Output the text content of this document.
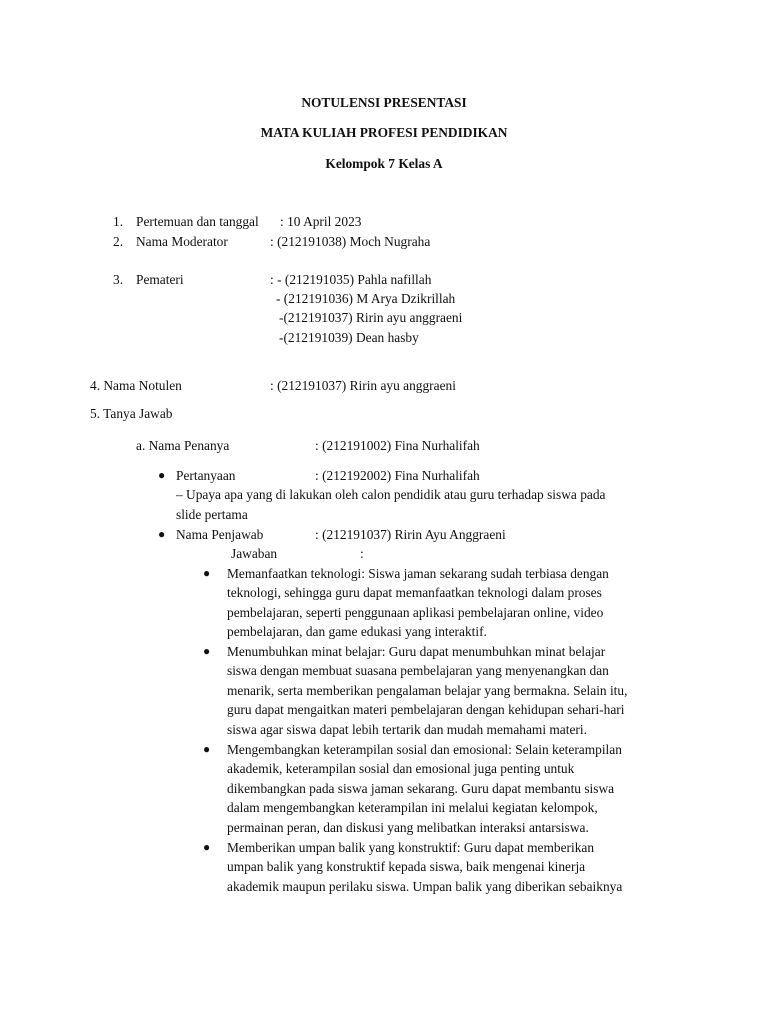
NOTULENSI PRESENTASI
MATA KULIAH PROFESI PENDIDIKAN
Kelompok 7 Kelas A
1. Pertemuan dan tanggal : 10 April 2023
2. Nama Moderator	: (212191038) Moch Nugraha
3. Pemateri	: - (212191035) Pahla nafillah
- (212191036) M Arya Dzikrillah
-(212191037) Ririn ayu anggraeni
-(212191039) Dean hasby
4. Nama Notulen	: (212191037) Ririn ayu anggraeni
5. Tanya Jawab
a. Nama Penanya	: (212191002) Fina Nurhalifah
● Pertanyaan	: (212192002) Fina Nurhalifah
– Upaya apa yang di lakukan oleh calon pendidik atau guru terhadap siswa pada
slide pertama
● Nama Penjawab	: (212191037) Ririn Ayu Anggraeni
Jawaban	:
● Memanfaatkan teknologi: Siswa jaman sekarang sudah terbiasa dengan
teknologi, sehingga guru dapat memanfaatkan teknologi dalam proses
pembelajaran, seperti penggunaan aplikasi pembelajaran online, video
pembelajaran, dan game edukasi yang interaktif.
● Menumbuhkan minat belajar: Guru dapat menumbuhkan minat belajar
siswa dengan membuat suasana pembelajaran yang menyenangkan dan
menarik, serta memberikan pengalaman belajar yang bermakna. Selain itu,
guru dapat mengaitkan materi pembelajaran dengan kehidupan sehari-hari
siswa agar siswa dapat lebih tertarik dan mudah memahami materi.
● Mengembangkan keterampilan sosial dan emosional: Selain keterampilan
akademik, keterampilan sosial dan emosional juga penting untuk
dikembangkan pada siswa jaman sekarang. Guru dapat membantu siswa
dalam mengembangkan keterampilan ini melalui kegiatan kelompok,
permainan peran, dan diskusi yang melibatkan interaksi antarsiswa.
● Memberikan umpan balik yang konstruktif: Guru dapat memberikan
umpan balik yang konstruktif kepada siswa, baik mengenai kinerja
akademik maupun perilaku siswa. Umpan balik yang diberikan sebaiknya
